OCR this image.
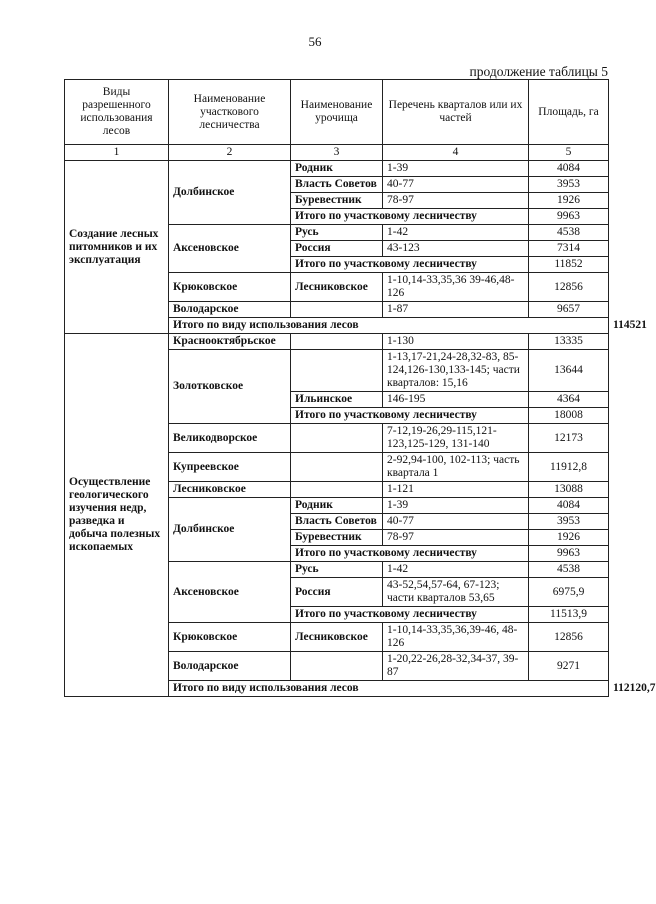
56
продолжение таблицы 5
Виды разрешенного использования лесов	Наименование участкового лесничества	Наименование урочища	Перечень кварталов или их частей	Площадь, га	
1	2	3	4	5	
Создание лесных питомников и их эксплуатация	Долбинское	Родник	1-39	4084	
		Власть Советов	40-77	3953	
		Буревестник	78-97	1926	
		Итого по участковому лесничеству		9963	
	Аксеновское	Русь	1-42	4538	
		Россия	43-123	7314	
		Итого по участковому лесничеству		11852	
	Крюковское	Лесниковское	1-10,14-33,35,36 39-46,48-126	12856	
	Володарское		1-87	9657	
	Итого по виду использования лесов				114521
Осуществление геологического изучения недр, разведка и добыча полезных ископаемых	Краснооктябрьское		1-130	13335	
	Золотковское		1-13,17-21,24-28,32-83, 85-124,126-130,133-145; части кварталов: 15,16	13644	
		Ильинское	146-195	4364	
		Итого по участковому лесничеству		18008	
	Великодворское		7-12,19-26,29-115,121-123,125-129, 131-140	12173	
	Купреевское		2-92,94-100, 102-113; часть квартала 1	11912,8	
	Лесниковское		1-121	13088	
	Долбинское	Родник	1-39	4084	
		Власть Советов	40-77	3953	
		Буревестник	78-97	1926	
		Итого по участковому лесничеству		9963	
	Аксеновское	Русь	1-42	4538	
		Россия	43-52,54,57-64, 67-123; части кварталов 53,65	6975,9	
		Итого по участковому лесничеству		11513,9	
	Крюковское	Лесниковское	1-10,14-33,35,36,39-46, 48-126	12856	
	Володарское		1-20,22-26,28-32,34-37, 39-87	9271	
	Итого по виду использования лесов				112120,7
